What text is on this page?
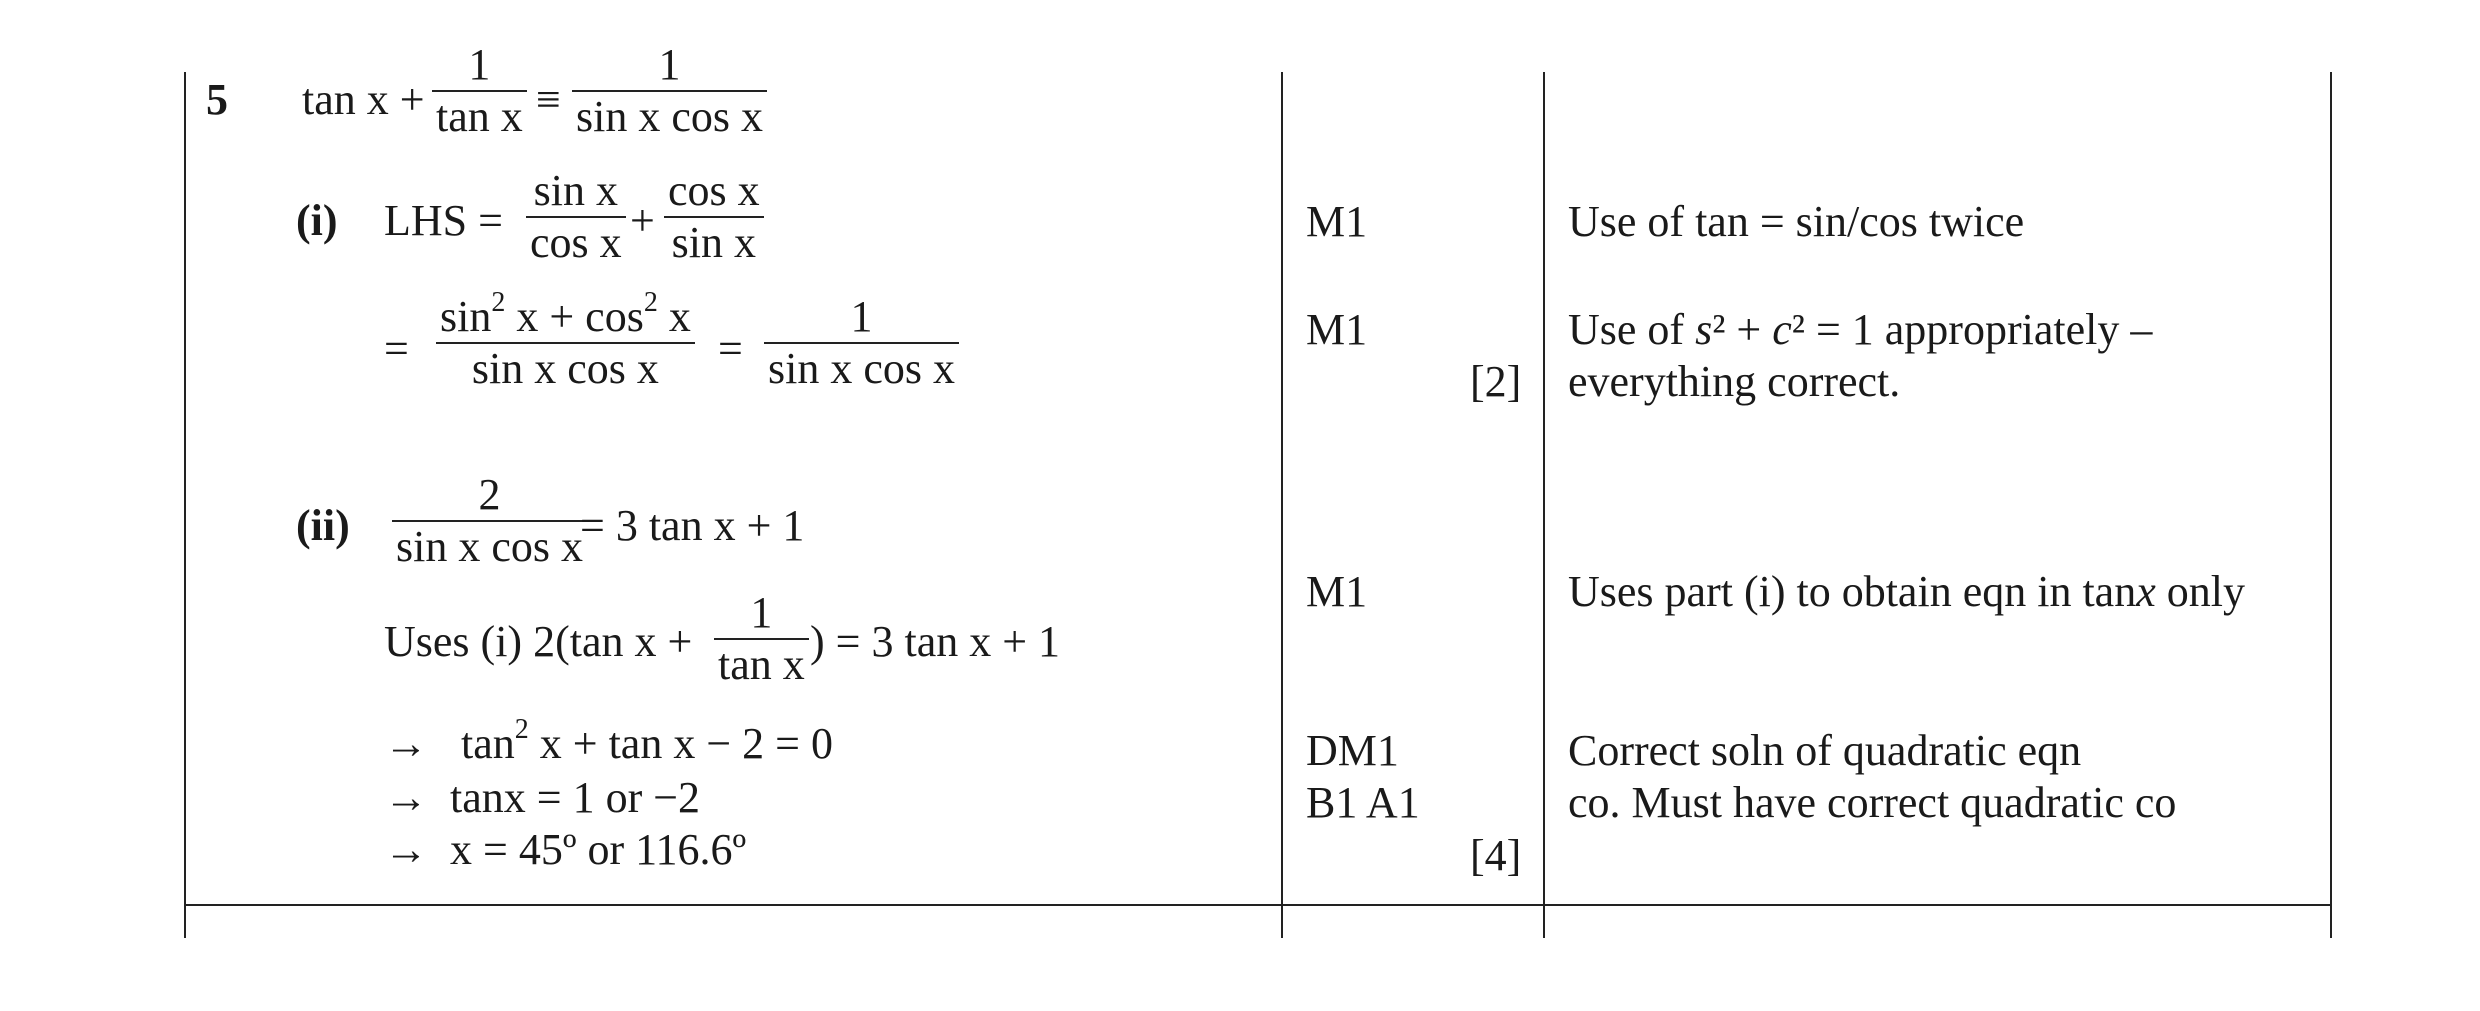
5 tan x +
1
tan x ≡
1
sin x cos x
(i) LHS =
sin x
cos x +
cos x
sin x
=
$\sin^2 x + \cos^2 x$
sin x cos x =
1
sin x cos x
(ii)
2
sin x cos x
= 3 tan x + 1
Uses (i) 2(tan x +
1
tan x ) = 3 tan x + 1
→ $\tan^2 x + \tan x - 2 = 0$
→ tanx = 1 or −2
→ x = 45º or 116.6º
M1
M1
[2]
M1
DM1
B1 A1
[4]
Use of tan = sin/cos twice
Use of s² + c² = 1 appropriately –
everything correct.
Uses part (i) to obtain eqn in tanx only
Correct soln of quadratic eqn
co. Must have correct quadratic co
